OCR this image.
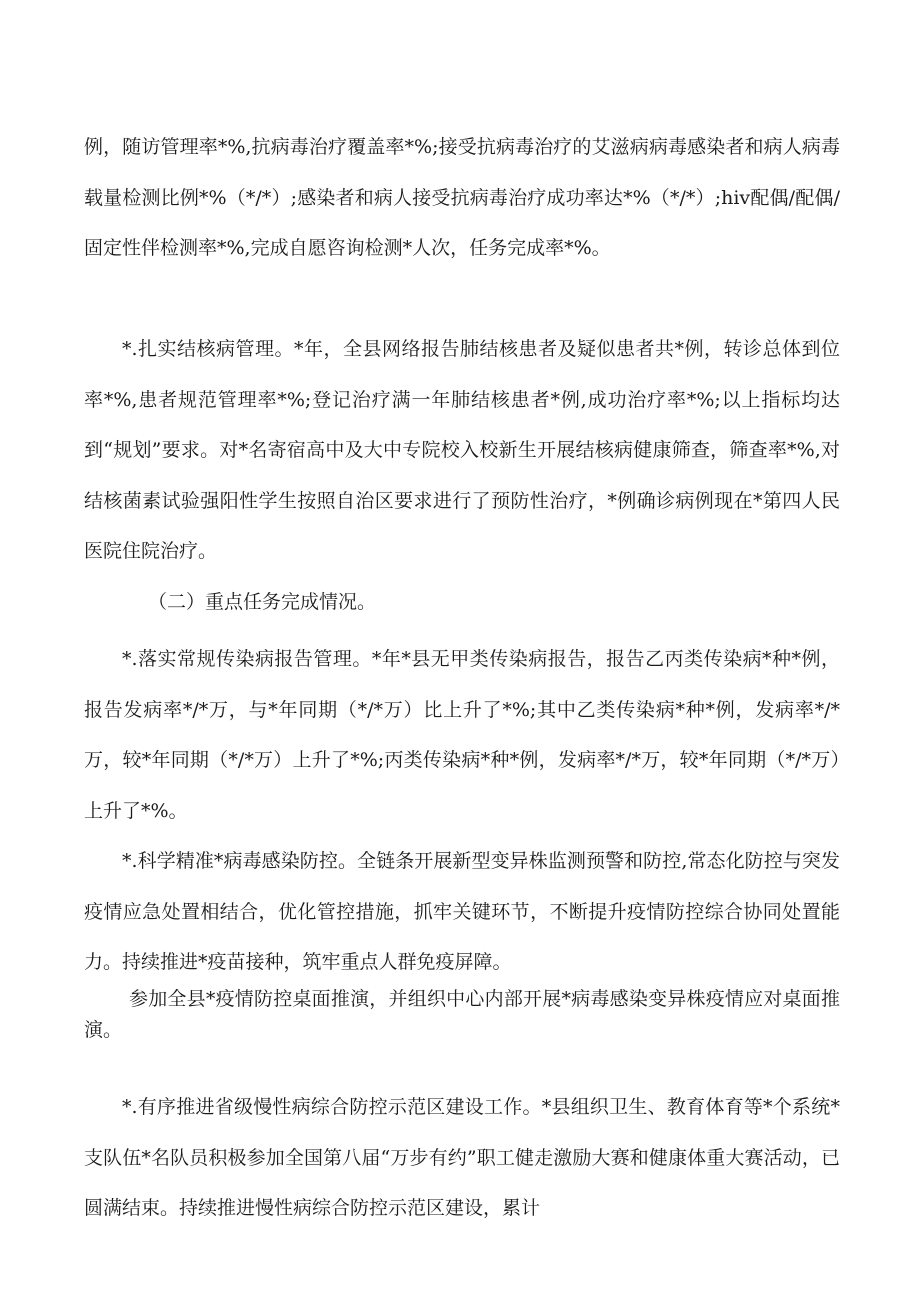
例，随访管理率*%,抗病毒治疗覆盖率*%;接受抗病毒治疗的艾滋病病毒感染者和病人病毒载量检测比例*%（*/*）;感染者和病人接受抗病毒治疗成功率达*%（*/*）;hiv配偶/配偶/固定性伴检测率*%,完成自愿咨询检测*人次，任务完成率*%。

*.扎实结核病管理。*年，全县网络报告肺结核患者及疑似患者共*例，转诊总体到位率*%,患者规范管理率*%;登记治疗满一年肺结核患者*例,成功治疗率*%;以上指标均达到“规划”要求。对*名寄宿高中及大中专院校入校新生开展结核病健康筛查，筛查率*%,对结核菌素试验强阳性学生按照自治区要求进行了预防性治疗，*例确诊病例现在*第四人民医院住院治疗。

（二）重点任务完成情况。

*.落实常规传染病报告管理。*年*县无甲类传染病报告，报告乙丙类传染病*种*例，报告发病率*/*万，与*年同期（*/*万）比上升了*%;其中乙类传染病*种*例，发病率*/*万，较*年同期（*/*万）上升了*%;丙类传染病*种*例，发病率*/*万，较*年同期（*/*万）上升了*%。

*.科学精准*病毒感染防控。全链条开展新型变异株监测预警和防控,常态化防控与突发疫情应急处置相结合，优化管控措施，抓牢关键环节，不断提升疫情防控综合协同处置能力。持续推进*疫苗接种，筑牢重点人群免疫屏障。

参加全县*疫情防控桌面推演，并组织中心内部开展*病毒感染变异株疫情应对桌面推演。

*.有序推进省级慢性病综合防控示范区建设工作。*县组织卫生、教育体育等*个系统*支队伍*名队员积极参加全国第八届“万步有约”职工健走激励大赛和健康体重大赛活动，已圆满结束。持续推进慢性病综合防控示范区建设，累计
